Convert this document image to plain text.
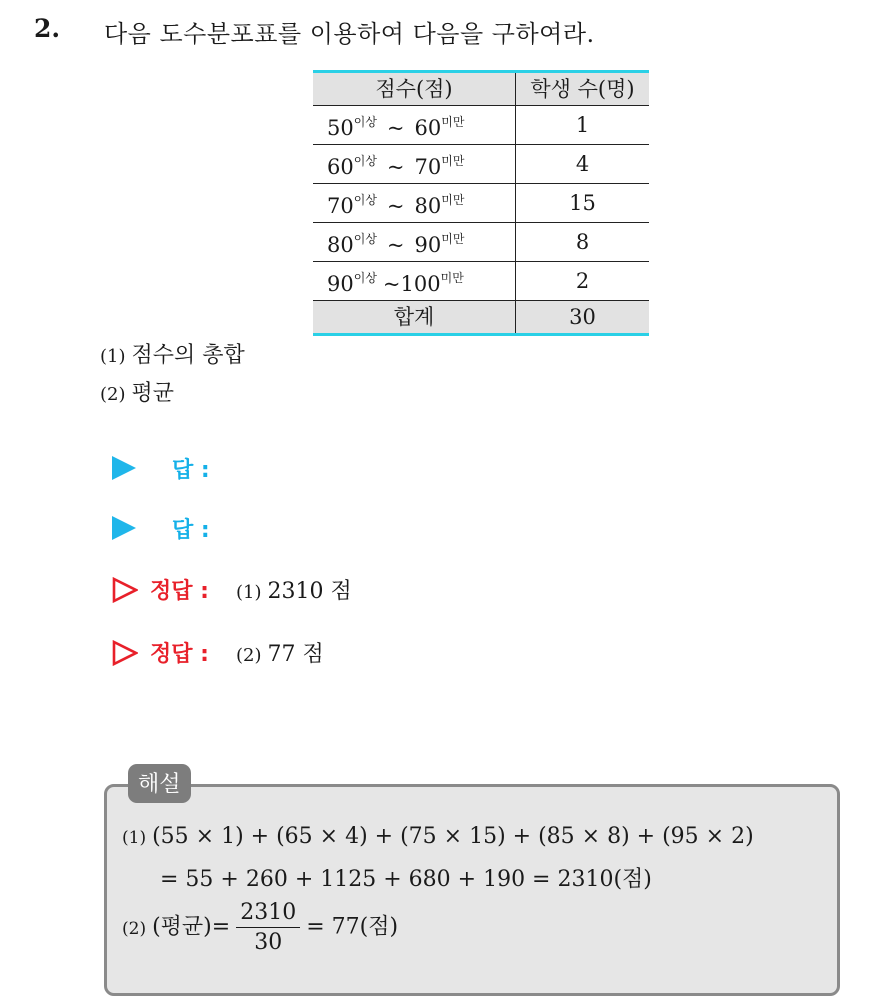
2. 다음 도수분포표를 이용하여 다음을 구하여라.
점수(점)	학생 수(명)
$50^{이상}$ ~ $60^{미만}$	1
$60^{이상}$ ~ $70^{미만}$	4
$70^{이상}$ ~ $80^{미만}$	15
$80^{이상}$ ~ $90^{미만}$	8
$90^{이상}$ $\sim 100^{미만}$	2
합계	30
(1) 점수의 총합
(2) 평균
답 :
답 :
정답 : (1) 2310 점
정답 : (2) 77 점
해설
(1) (55 × 1) + (65 × 4) + (75 × 15) + (85 × 8) + (95 × 2)
= 55 + 260 + 1125 + 680 + 190 = 2310(점)
(2) (평균)= $\frac{2310}{30} = 77$(점)
